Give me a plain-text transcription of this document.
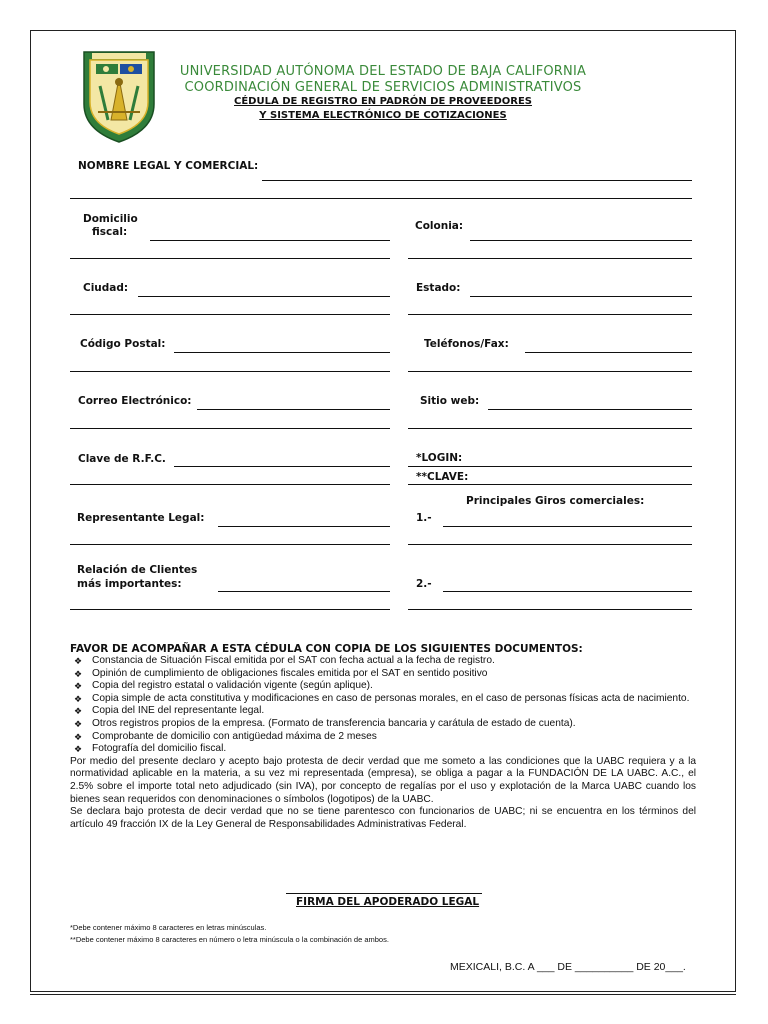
UNIVERSIDAD AUTÓNOMA DEL ESTADO DE BAJA CALIFORNIA
COORDINACIÓN GENERAL DE SERVICIOS ADMINISTRATIVOS
CÉDULA DE REGISTRO EN PADRÓN DE PROVEEDORES
Y SISTEMA ELECTRÓNICO DE COTIZACIONES
NOMBRE LEGAL Y COMERCIAL:
Domicilio
fiscal:	Colonia:
Ciudad:	Estado:
Código Postal:	Teléfonos/Fax:
Correo Electrónico:	Sitio web:
Clave de R.F.C.	*LOGIN:
**CLAVE:
Principales Giros comerciales:
Representante Legal:	1.-
Relación de Clientes
más importantes:	2.-
FAVOR DE ACOMPAÑAR A ESTA CÉDULA CON COPIA DE LOS SIGUIENTES DOCUMENTOS:
❖ Constancia de Situación Fiscal emitida por el SAT con fecha actual a la fecha de registro.
❖ Opinión de cumplimiento de obligaciones fiscales emitida por el SAT en sentido positivo
❖ Copia del registro estatal o validación vigente (según aplique).
❖ Copia simple de acta constitutiva y modificaciones en caso de personas morales, en el caso de personas físicas acta de nacimiento.
❖ Copia del INE del representante legal.
❖ Otros registros propios de la empresa. (Formato de transferencia bancaria y carátula de estado de cuenta).
❖ Comprobante de domicilio con antigüedad máxima de 2 meses
❖ Fotografía del domicilio fiscal.
Por medio del presente declaro y acepto bajo protesta de decir verdad que me someto a las condiciones que la UABC requiera y a la normatividad aplicable en la materia, a su vez mi representada (empresa), se obliga a pagar a la FUNDACIÓN DE LA UABC. A.C., el 2.5% sobre el importe total neto adjudicado (sin IVA), por concepto de regalías por el uso y explotación de la Marca UABC cuando los bienes sean requeridos con denominaciones o símbolos (logotipos) de la UABC.
Se declara bajo protesta de decir verdad que no se tiene parentesco con funcionarios de UABC; ni se encuentra en los términos del artículo 49 fracción IX de la Ley General de Responsabilidades Administrativas Federal.
FIRMA DEL APODERADO LEGAL
*Debe contener máximo 8 caracteres en letras minúsculas.
**Debe contener máximo 8 caracteres en número o letra minúscula o la combinación de ambos.
MEXICALI, B.C. A ___ DE __________ DE 20___.
